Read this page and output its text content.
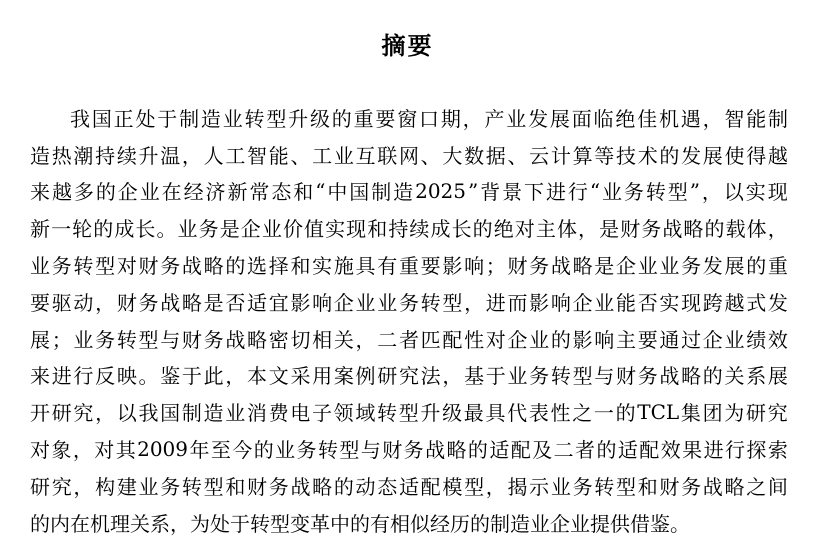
摘要
我 国 正 处 于 制 造 业 转 型 升 级 的 重 要 窗 口 期 ， 产 业 发 展 面 临 绝 佳 机 遇 ， 智 能 制
造 热 潮 持 续 升 温 ， 人 工 智 能 、 工 业 互 联 网 、 大 数 据 、 云 计 算 等 技 术 的 发 展 使 得 越
来 越 多 的 企 业 在 经 济 新 常 态 和 “ 中 国 制 造 2025 ” 背 景 下 进 行 “ 业 务 转 型 ” ， 以 实 现
新 一 轮 的 成 长 。 业 务 是 企 业 价 值 实 现 和 持 续 成 长 的 绝 对 主 体 ， 是 财 务 战 略 的 载 体 ，
业 务 转 型 对 财 务 战 略 的 选 择 和 实 施 具 有 重 要 影 响 ； 财 务 战 略 是 企 业 业 务 发 展 的 重
要 驱 动 ， 财 务 战 略 是 否 适 宜 影 响 企 业 业 务 转 型 ， 进 而 影 响 企 业 能 否 实 现 跨 越 式 发
展 ； 业 务 转 型 与 财 务 战 略 密 切 相 关 ， 二 者 匹 配 性 对 企 业 的 影 响 主 要 通 过 企 业 绩 效
来 进 行 反 映 。 鉴 于 此 ， 本 文 采 用 案 例 研 究 法 ， 基 于 业 务 转 型 与 财 务 战 略 的 关 系 展
开 研 究 ， 以 我 国 制 造 业 消 费 电 子 领 域 转 型 升 级 最 具 代 表 性 之 一 的 TCL 集 团 为 研 究
对 象 ， 对 其 2009 年 至 今 的 业 务 转 型 与 财 务 战 略 的 适 配 及 二 者 的 适 配 效 果 进 行 探 索
研 究 ， 构 建 业 务 转 型 和 财 务 战 略 的 动 态 适 配 模 型 ， 揭 示 业 务 转 型 和 财 务 战 略 之 间
的 内 在 机 理 关 系 ， 为 处 于 转 型 变 革 中 的 有 相 似 经 历 的 制 造 业 企 业 提 供 借 鉴 。
